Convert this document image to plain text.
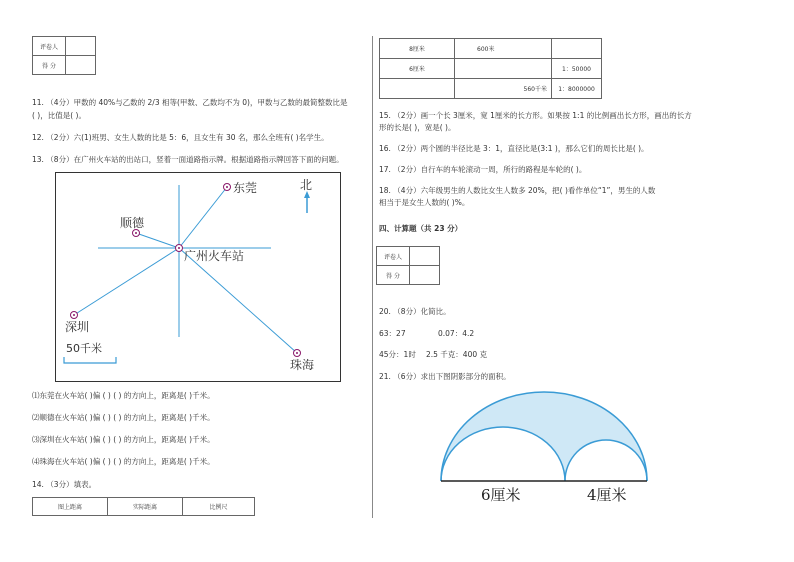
评卷人	
得 分	
11. （4分）甲数的 40%与乙数的 2/3 相等(甲数、乙数均不为 0)，甲数与乙数的最简整数比是
( )，比值是( )。
12. （2分）六(1)班男、女生人数的比是 5：6，且女生有 30 名，那么全班有( )名学生。
13. （8分）在广州火车站的出站口，竖着一面道路指示牌。根据道路指示牌回答下面的问题。
东莞
顺德
广州火车站
深圳
珠海
北
50千米
⑴东莞在火车站( )偏 ( ) ( ) 的方向上，距离是( )千米。
⑵顺德在火车站( )偏 ( ) ( ) 的方向上，距离是( )千米。
⑶深圳在火车站( )偏 ( ) ( ) 的方向上，距离是( )千米。
⑷珠海在火车站( )偏 ( ) ( ) 的方向上，距离是( )千米。
14. （3分）填表。
图上距离	实际距离	比例尺
8厘米	600米	
6厘米		1：50000
	560千米	1：8000000
15. （2分）画一个长 3厘米，宽 1厘米的长方形。如果按 1:1 的比例画出长方形，画出的长方
形的长是( )，宽是( )。
16. （2分）两个圆的半径比是 3：1，直径比是(3:1 )，那么它们的周长比是( )。
17. （2分）自行车的车轮滚动一周，所行的路程是车轮的( )。
18. （4分）六年级男生的人数比女生人数多 20%，把( )看作单位“1”，男生的人数
相当于是女生人数的( )%。
四、计算题（共 23 分）
评卷人	
得 分	
20. （8分）化简比。
63：27	0.07：4.2
45分：1时 2.5 千克：400 克
21. （6分）求出下图阴影部分的面积。
6厘米	4厘米
